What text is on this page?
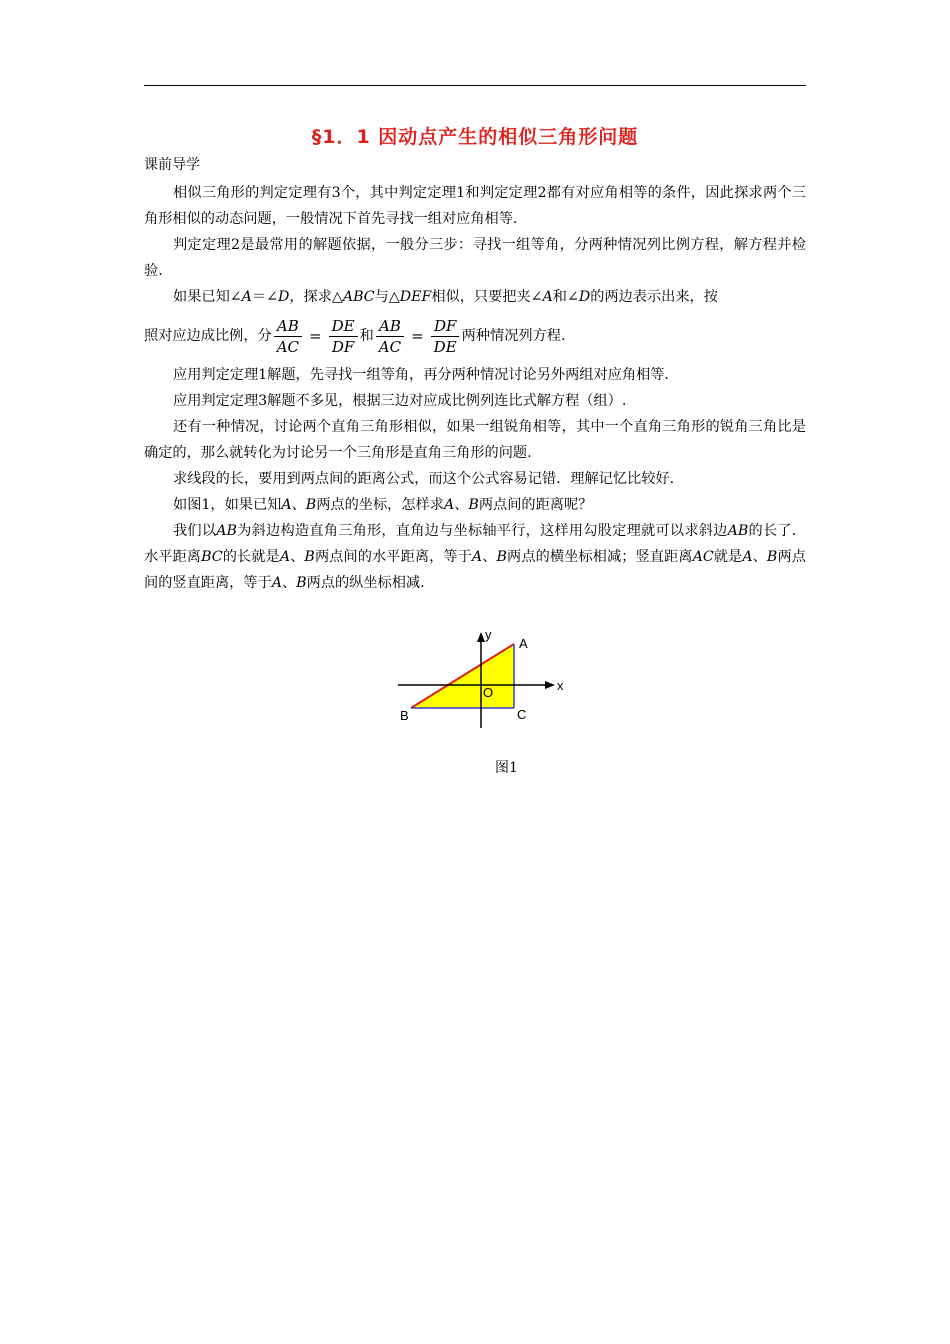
§1．1 因动点产生的相似三角形问题
课前导学

相似三角形的判定定理有3个，其中判定定理1和判定定理2都有对应角相等的条件，因此探求两个三角形相似的动态问题，一般情况下首先寻找一组对应角相等.

判定定理2是最常用的解题依据，一般分三步：寻找一组等角，分两种情况列比例方程，解方程并检验.

如果已知∠A＝∠D，探求△ABC与△DEF相似，只要把夹∠A和∠D的两边表示出来，按

照对应边成比例，分 $\frac{AB}{AC} = \frac{DE}{DF}$ 和 $\frac{AB}{AC} = \frac{DF}{DE}$ 两种情况列方程.

应用判定定理1解题，先寻找一组等角，再分两种情况讨论另外两组对应角相等.

应用判定定理3解题不多见，根据三边对应成比例列连比式解方程（组）.

还有一种情况，讨论两个直角三角形相似，如果一组锐角相等，其中一个直角三角形的锐角三角比是确定的，那么就转化为讨论另一个三角形是直角三角形的问题.

求线段的长，要用到两点间的距离公式，而这个公式容易记错．理解记忆比较好.

如图1，如果已知A、B两点的坐标，怎样求A、B两点间的距离呢？

我们以AB为斜边构造直角三角形，直角边与坐标轴平行，这样用勾股定理就可以求斜边AB的长了．水平距离BC的长就是A、B两点间的水平距离，等于A、B两点的横坐标相减；竖直距离AC就是A、B两点间的竖直距离，等于A、B两点的纵坐标相减.

A
B	C
O	x
y
图1
